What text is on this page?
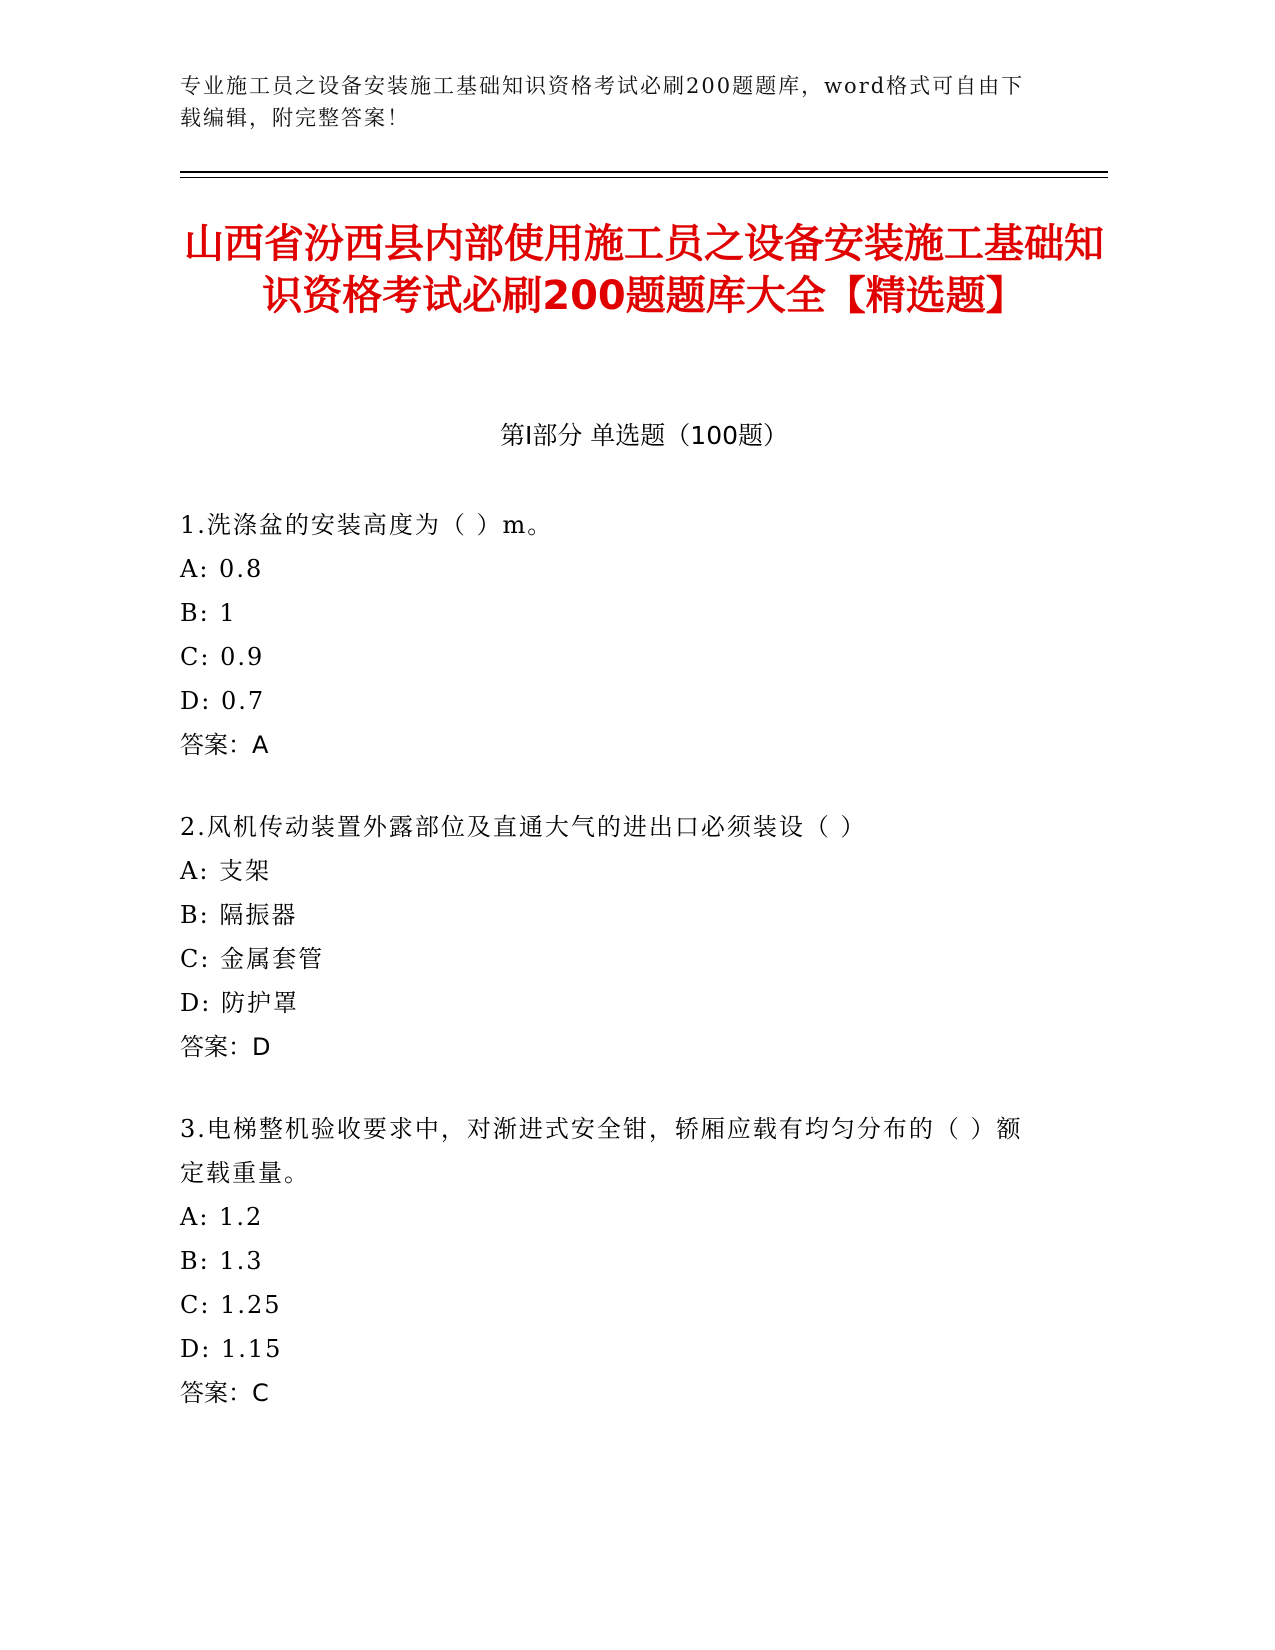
专业施工员之设备安装施工基础知识资格考试必刷200题题库，word格式可自由下载编辑，附完整答案！
山西省汾西县内部使用施工员之设备安装施工基础知识资格考试必刷200题题库大全【精选题】
第Ⅰ部分 单选题（100题）
1.洗涤盆的安装高度为（ ）m。
A: 0.8
B: 1
C: 0.9
D: 0.7
答案：A
2.风机传动装置外露部位及直通大气的进出口必须装设（ ）
A: 支架
B: 隔振器
C: 金属套管
D: 防护罩
答案：D
3.电梯整机验收要求中，对渐进式安全钳，轿厢应载有均匀分布的（ ）额定载重量。
A: 1.2
B: 1.3
C: 1.25
D: 1.15
答案：C
